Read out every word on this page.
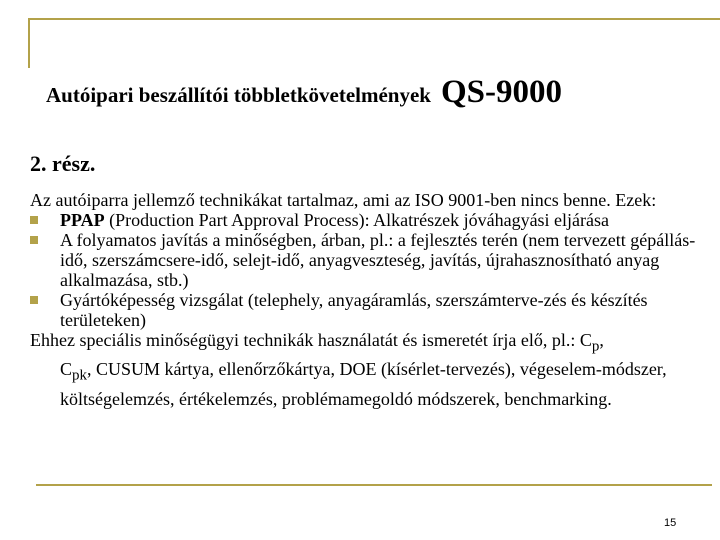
Autóipari beszállítói többletkövetelmények QS-9000
2. rész.

Az autóiparra jellemző technikákat tartalmaz, ami az ISO 9001-ben nincs benne. Ezek:

PPAP (Production Part Approval Process): Alkatrészek jóváhagyási eljárása
A folyamatos javítás a minőségben, árban, pl.: a fejlesztés terén (nem tervezett gépállás-idő, szerszámcsere-idő, selejt-idő, anyagveszteség, javítás, újrahasznosítható anyag alkalmazása, stb.)
Gyártóképesség vizsgálat (telephely, anyagáramlás, szerszámterve-zés és készítés területeken)

Ehhez speciális minőségügyi technikák használatát és ismeretét írja elő, pl.: $C_p$,

$C_{pk}$, CUSUM kártya, ellenőrzőkártya, DOE (kísérlet-tervezés), végeselem-módszer, költségelemzés, értékelemzés, problémamegoldó módszerek, benchmarking.

15
